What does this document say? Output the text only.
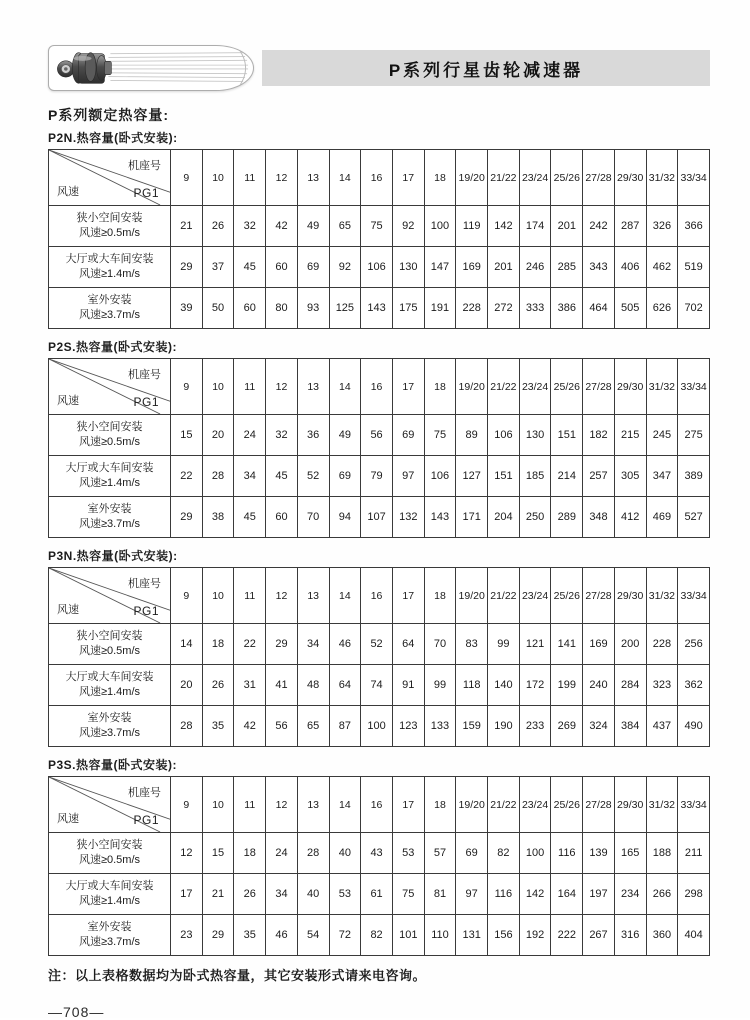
P系列行星齿轮减速器
P系列额定热容量:
P2N.热容量(卧式安装):
机座号
PG1
风速	9	10	11	12	13	14	16	17	18	19/20	21/22	23/24	25/26	27/28	29/30	31/32	33/34

狭小空间安装
风速≥0.5m/s	21	26	32	42	49	65	75	92	100	119	142	174	201	242	287	326	366

大厅或大车间安装
风速≥1.4m/s	29	37	45	60	69	92	106	130	147	169	201	246	285	343	406	462	519

室外安装
风速≥3.7m/s	39	50	60	80	93	125	143	175	191	228	272	333	386	464	505	626	702
P2S.热容量(卧式安装):
机座号
PG1
风速	9	10	11	12	13	14	16	17	18	19/20	21/22	23/24	25/26	27/28	29/30	31/32	33/34

狭小空间安装
风速≥0.5m/s	15	20	24	32	36	49	56	69	75	89	106	130	151	182	215	245	275

大厅或大车间安装
风速≥1.4m/s	22	28	34	45	52	69	79	97	106	127	151	185	214	257	305	347	389

室外安装
风速≥3.7m/s	29	38	45	60	70	94	107	132	143	171	204	250	289	348	412	469	527
P3N.热容量(卧式安装):
机座号
PG1
风速	9	10	11	12	13	14	16	17	18	19/20	21/22	23/24	25/26	27/28	29/30	31/32	33/34

狭小空间安装
风速≥0.5m/s	14	18	22	29	34	46	52	64	70	83	99	121	141	169	200	228	256

大厅或大车间安装
风速≥1.4m/s	20	26	31	41	48	64	74	91	99	118	140	172	199	240	284	323	362

室外安装
风速≥3.7m/s	28	35	42	56	65	87	100	123	133	159	190	233	269	324	384	437	490
P3S.热容量(卧式安装):
机座号
PG1
风速	9	10	11	12	13	14	16	17	18	19/20	21/22	23/24	25/26	27/28	29/30	31/32	33/34

狭小空间安装
风速≥0.5m/s	12	15	18	24	28	40	43	53	57	69	82	100	116	139	165	188	211

大厅或大车间安装
风速≥1.4m/s	17	21	26	34	40	53	61	75	81	97	116	142	164	197	234	266	298

室外安装
风速≥3.7m/s	23	29	35	46	54	72	82	101	110	131	156	192	222	267	316	360	404
注：以上表格数据均为卧式热容量，其它安装形式请来电咨询。
—708—
